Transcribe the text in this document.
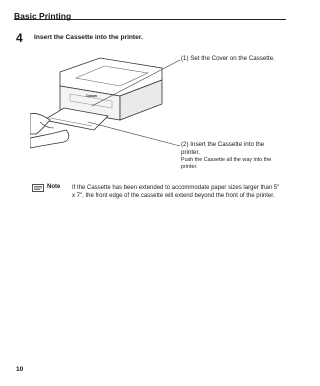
Basic Printing
4 Insert the Cassette into the printer.
Canon
(1) Set the Cover on the Cassette.
(2) Insert the Cassette into the printer.
Push the Cassette all the way into the printer.
Note If the Cassette has been extended to accommodate paper sizes larger than 5" x 7", the front edge of the cassette will extend beyond the front of the printer.
10
